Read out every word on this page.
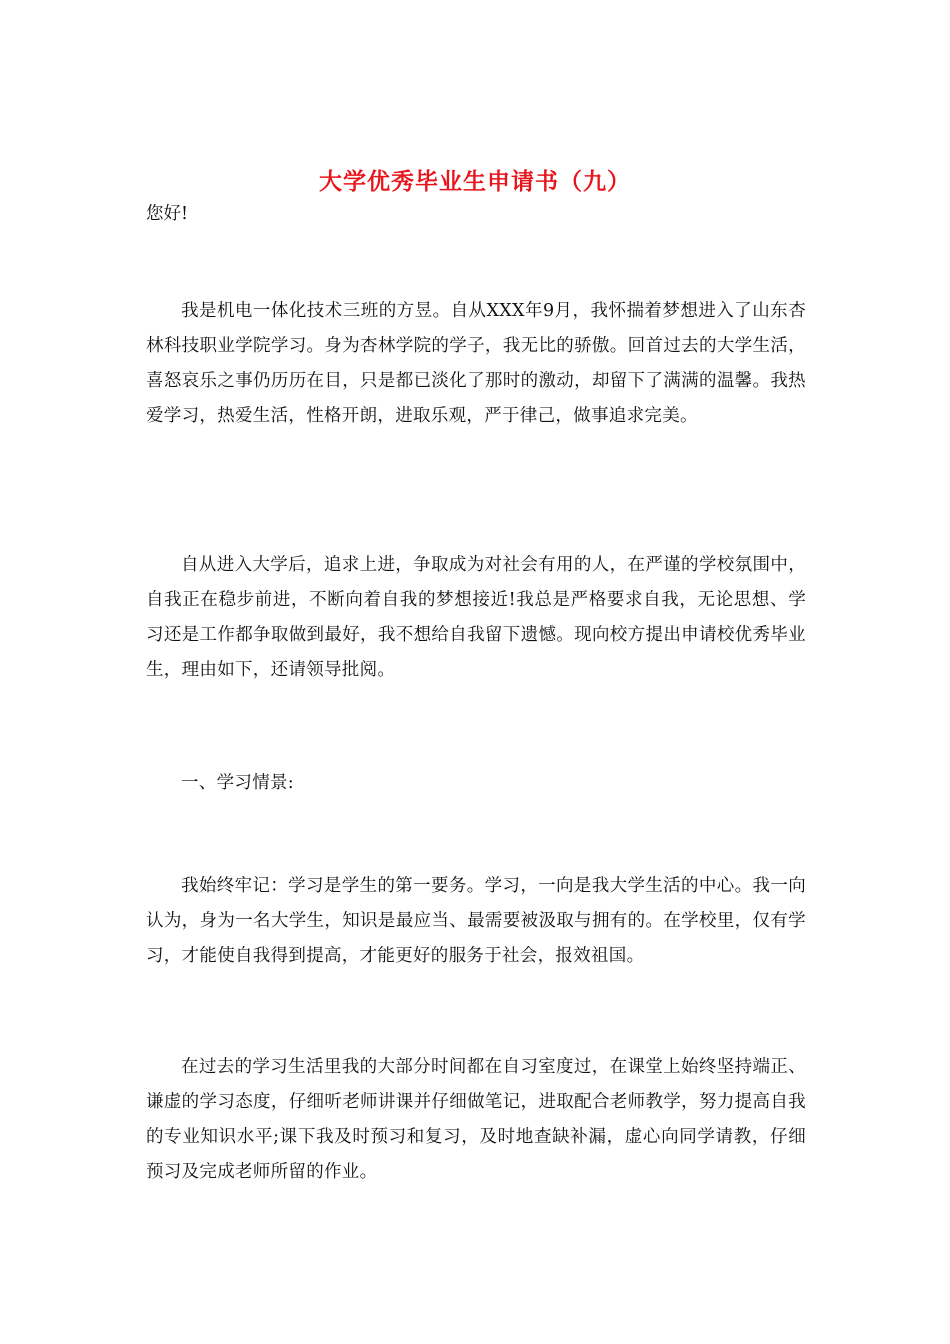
大学优秀毕业生申请书（九）

您好!

我是机电一体化技术三班的方昱。自从XXX年9月，我怀揣着梦想进入了山东杏林科技职业学院学习。身为杏林学院的学子，我无比的骄傲。回首过去的大学生活，喜怒哀乐之事仍历历在目，只是都已淡化了那时的激动，却留下了满满的温馨。我热爱学习，热爱生活，性格开朗，进取乐观，严于律己，做事追求完美。

自从进入大学后，追求上进，争取成为对社会有用的人，在严谨的学校氛围中，自我正在稳步前进，不断向着自我的梦想接近!我总是严格要求自我，无论思想、学习还是工作都争取做到最好，我不想给自我留下遗憾。现向校方提出申请校优秀毕业生，理由如下，还请领导批阅。

一、学习情景:

我始终牢记：学习是学生的第一要务。学习，一向是我大学生活的中心。我一向认为，身为一名大学生，知识是最应当、最需要被汲取与拥有的。在学校里，仅有学习，才能使自我得到提高，才能更好的服务于社会，报效祖国。

在过去的学习生活里我的大部分时间都在自习室度过，在课堂上始终坚持端正、谦虚的学习态度，仔细听老师讲课并仔细做笔记，进取配合老师教学，努力提高自我的专业知识水平;课下我及时预习和复习，及时地查缺补漏，虚心向同学请教，仔细预习及完成老师所留的作业。
